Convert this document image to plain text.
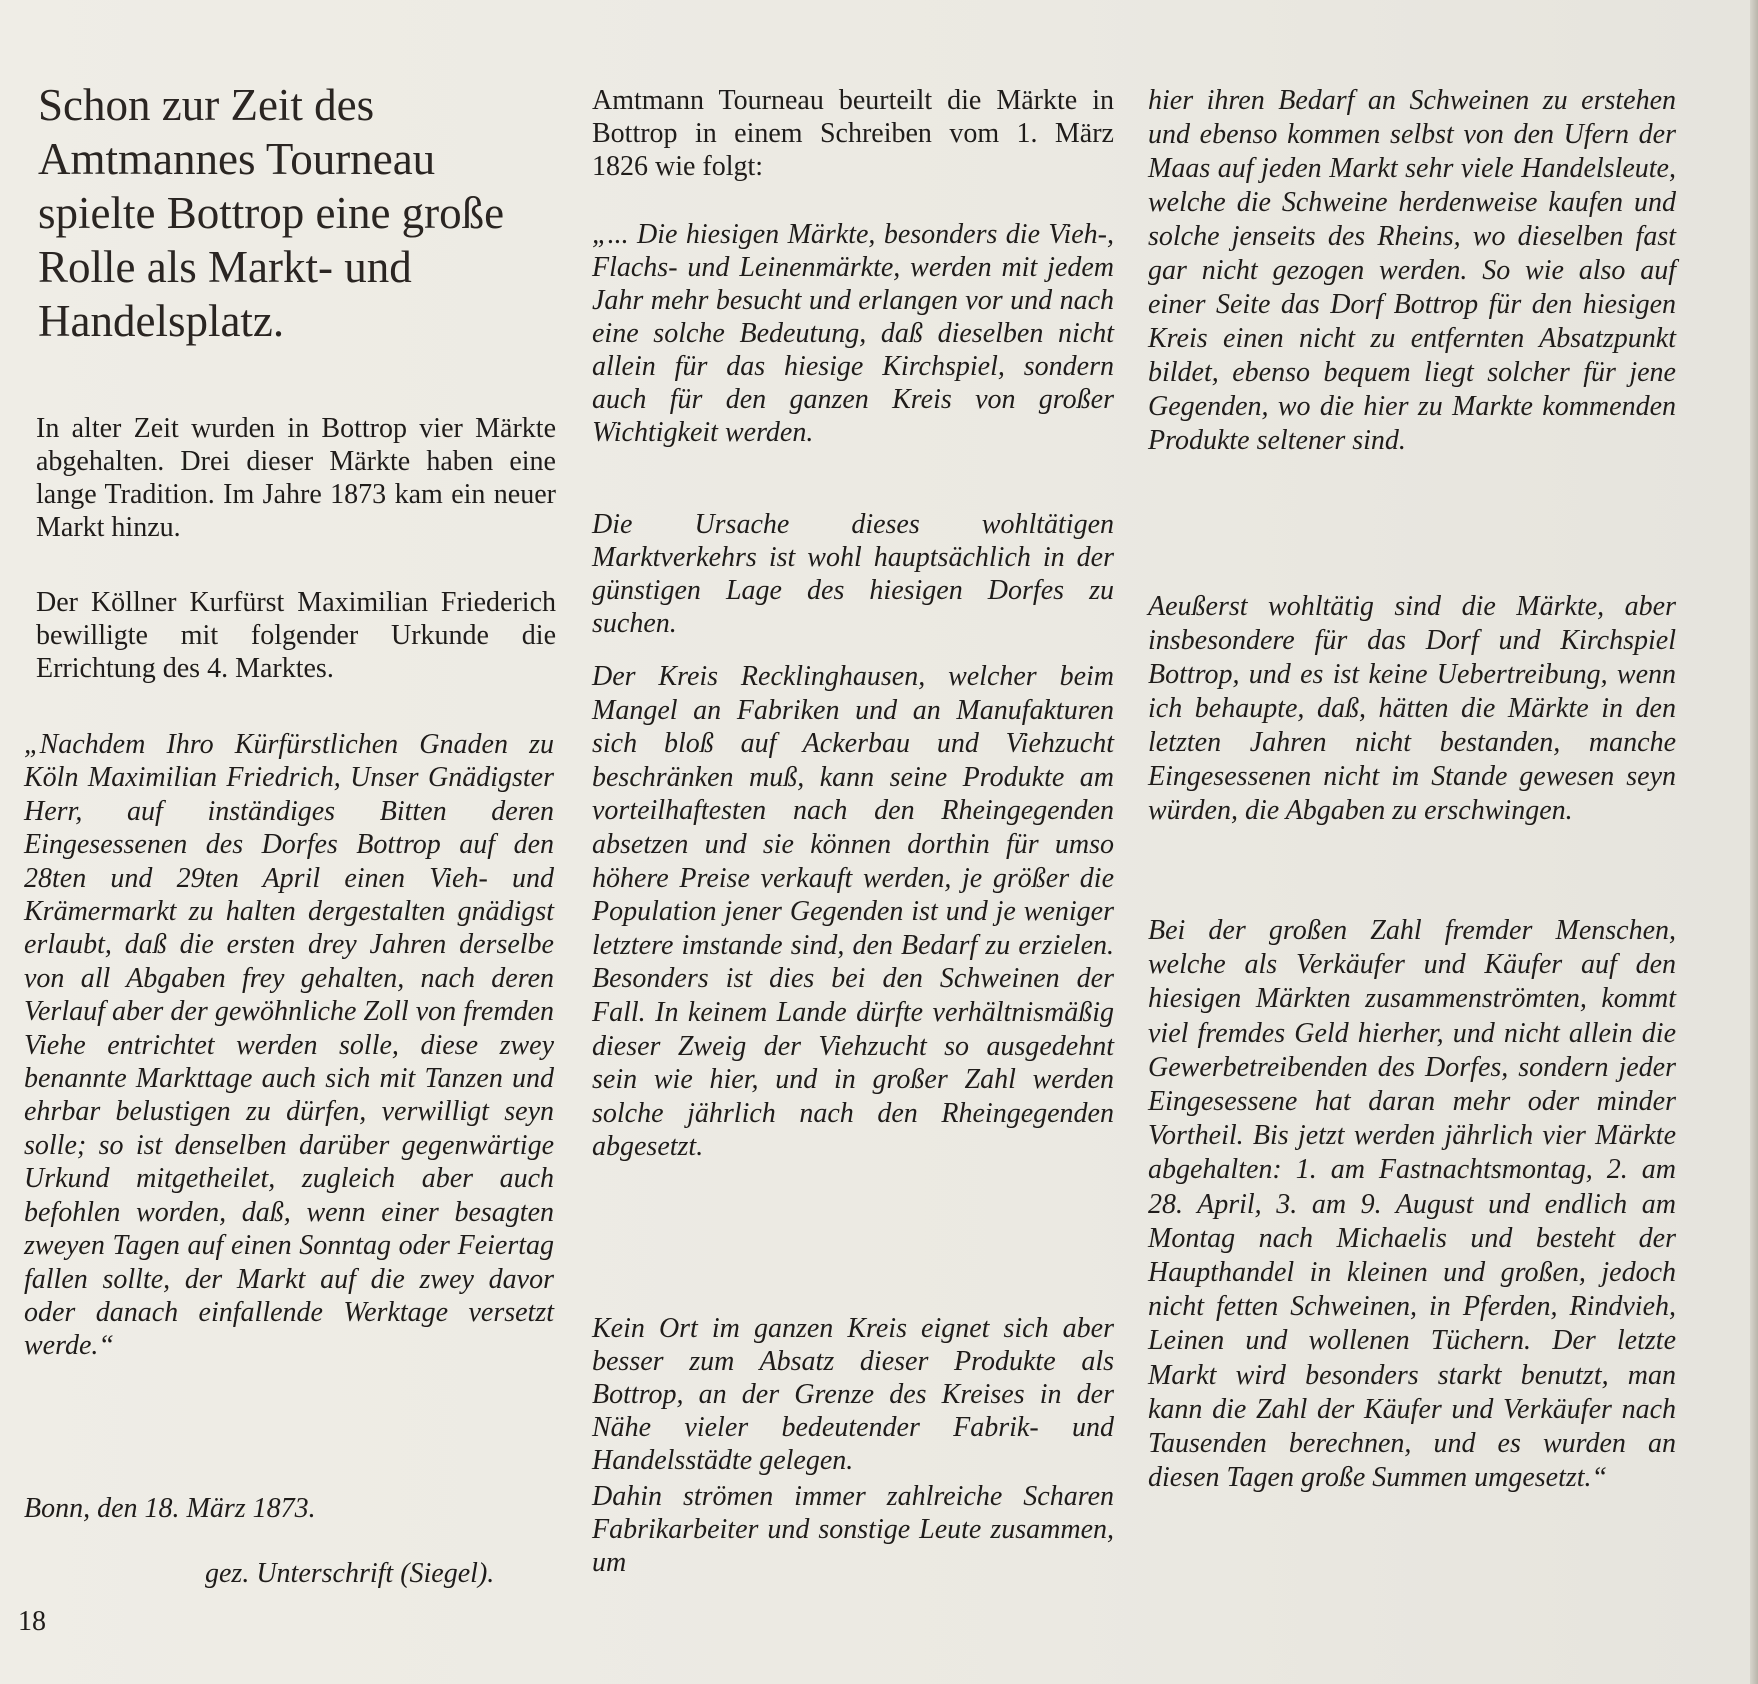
Schon zur Zeit des Amtmannes Tourneau spielte Bottrop eine große Rolle als Markt- und Handelsplatz.

In alter Zeit wurden in Bottrop vier Märkte abgehalten. Drei dieser Märkte haben eine lange Tradition. Im Jahre 1873 kam ein neuer Markt hinzu.

Der Köllner Kurfürst Maximilian Friederich bewilligte mit folgender Urkunde die Errichtung des 4. Marktes.

„Nachdem Ihro Kürfürstlichen Gnaden zu Köln Maximilian Friedrich, Unser Gnädigster Herr, auf inständiges Bitten deren Eingesessenen des Dorfes Bottrop auf den 28ten und 29ten April einen Vieh- und Krämermarkt zu halten dergestalten gnädigst erlaubt, daß die ersten drey Jahren derselbe von all Abgaben frey gehalten, nach deren Verlauf aber der gewöhnliche Zoll von fremden Viehe entrichtet werden solle, diese zwey benannte Markttage auch sich mit Tanzen und ehrbar belustigen zu dürfen, verwilligt seyn solle; so ist denselben darüber gegenwärtige Urkund mitgetheilet, zugleich aber auch befohlen worden, daß, wenn einer besagten zweyen Tagen auf einen Sonntag oder Feiertag fallen sollte, der Markt auf die zwey davor oder danach einfallende Werktage versetzt werde.“

Bonn, den 18. März 1873.

gez. Unterschrift (Siegel).
18

Amtmann Tourneau beurteilt die Märkte in Bottrop in einem Schreiben vom 1. März 1826 wie folgt:

„... Die hiesigen Märkte, besonders die Vieh-, Flachs- und Leinenmärkte, werden mit jedem Jahr mehr besucht und erlangen vor und nach eine solche Bedeutung, daß dieselben nicht allein für das hiesige Kirchspiel, sondern auch für den ganzen Kreis von großer Wichtigkeit werden.

Die Ursache dieses wohltätigen Marktverkehrs ist wohl hauptsächlich in der günstigen Lage des hiesigen Dorfes zu suchen.

Der Kreis Recklinghausen, welcher beim Mangel an Fabriken und an Manufakturen sich bloß auf Ackerbau und Viehzucht beschränken muß, kann seine Produkte am vorteilhaftesten nach den Rheingegenden absetzen und sie können dorthin für umso höhere Preise verkauft werden, je größer die Population jener Gegenden ist und je weniger letztere imstande sind, den Bedarf zu erzielen. Besonders ist dies bei den Schweinen der Fall. In keinem Lande dürfte verhältnismäßig dieser Zweig der Viehzucht so ausgedehnt sein wie hier, und in großer Zahl werden solche jährlich nach den Rheingegenden abgesetzt.

Kein Ort im ganzen Kreis eignet sich aber besser zum Absatz dieser Produkte als Bottrop, an der Grenze des Kreises in der Nähe vieler bedeutender Fabrik- und Handelsstädte gelegen.

Dahin strömen immer zahlreiche Scharen Fabrikarbeiter und sonstige Leute zusammen, um

hier ihren Bedarf an Schweinen zu erstehen und ebenso kommen selbst von den Ufern der Maas auf jeden Markt sehr viele Handelsleute, welche die Schweine herdenweise kaufen und solche jenseits des Rheins, wo dieselben fast gar nicht gezogen werden. So wie also auf einer Seite das Dorf Bottrop für den hiesigen Kreis einen nicht zu entfernten Absatzpunkt bildet, ebenso bequem liegt solcher für jene Gegenden, wo die hier zu Markte kommenden Produkte seltener sind.

Aeußerst wohltätig sind die Märkte, aber insbesondere für das Dorf und Kirchspiel Bottrop, und es ist keine Uebertreibung, wenn ich behaupte, daß, hätten die Märkte in den letzten Jahren nicht bestanden, manche Eingesessenen nicht im Stande gewesen seyn würden, die Abgaben zu erschwingen.

Bei der großen Zahl fremder Menschen, welche als Verkäufer und Käufer auf den hiesigen Märkten zusammenströmten, kommt viel fremdes Geld hierher, und nicht allein die Gewerbetreibenden des Dorfes, sondern jeder Eingesessene hat daran mehr oder minder Vortheil. Bis jetzt werden jährlich vier Märkte abgehalten: 1. am Fastnachtsmontag, 2. am 28. April, 3. am 9. August und endlich am Montag nach Michaelis und besteht der Haupthandel in kleinen und großen, jedoch nicht fetten Schweinen, in Pferden, Rindvieh, Leinen und wollenen Tüchern. Der letzte Markt wird besonders starkt benutzt, man kann die Zahl der Käufer und Verkäufer nach Tausenden berechnen, und es wurden an diesen Tagen große Summen umgesetzt.“
